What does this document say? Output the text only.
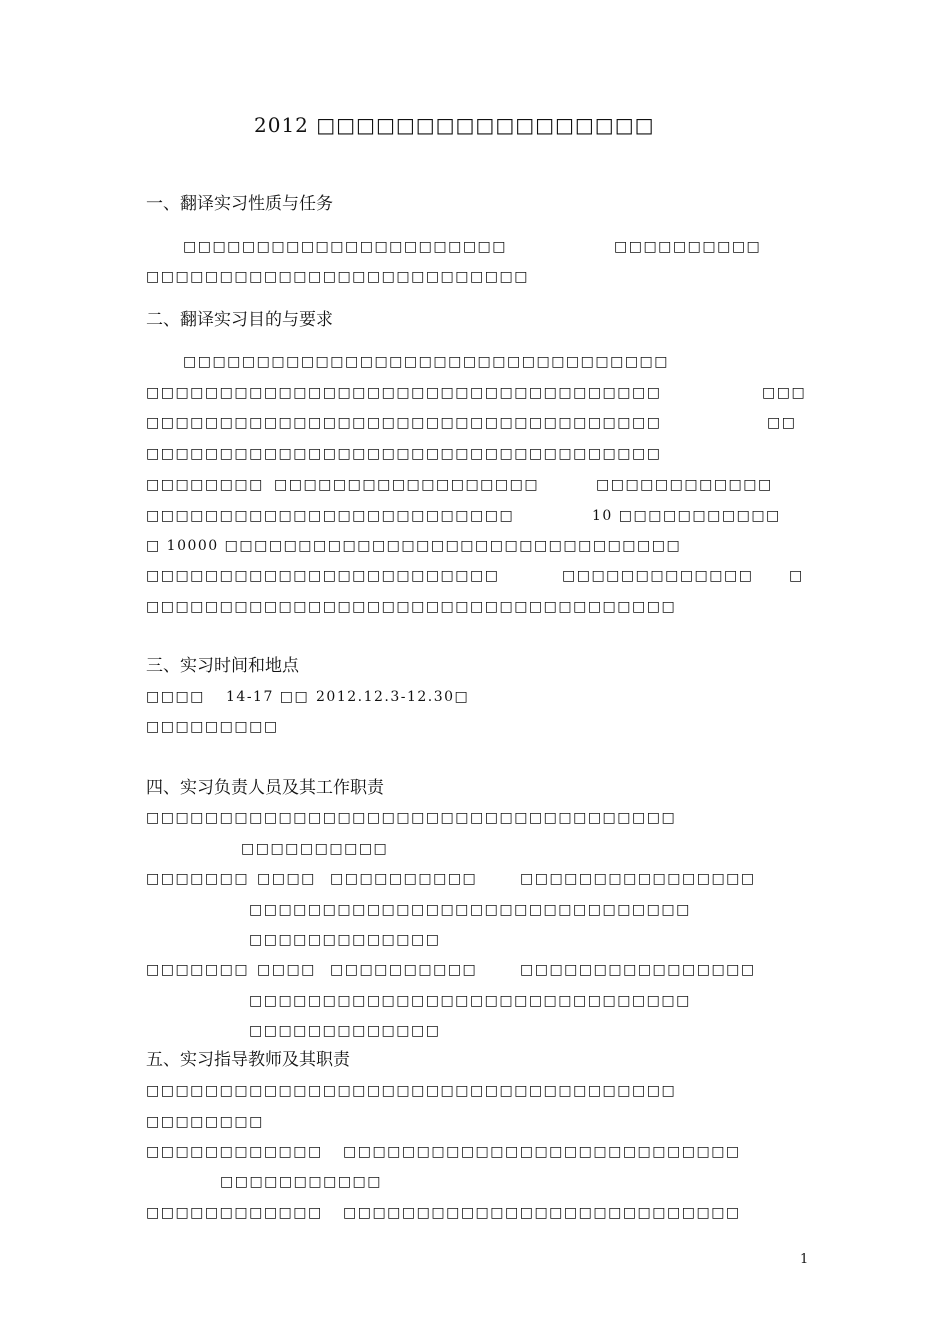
2012 □□□□□□□□□□□□□□□□□
一、翻译实习性质与任务
□□□□□□□□□□□□□□□□□□□□□□	□□□□□□□□□□
□□□□□□□□□□□□□□□□□□□□□□□□□□
二、翻译实习目的与要求
□□□□□□□□□□□□□□□□□□□□□□□□□□□□□□□□□
□□□□□□□□□□□□□□□□□□□□□□□□□□□□□□□□□□□	□□□
□□□□□□□□□□□□□□□□□□□□□□□□□□□□□□□□□□□	□□
□□□□□□□□□□□□□□□□□□□□□□□□□□□□□□□□□□□
□□□□□□□□ □□□□□□□□□□□□□□□□□□	□□□□□□□□□□□□
□□□□□□□□□□□□□□□□□□□□□□□□□	10 □□□□□□□□□□□
□ 10000 □□□□□□□□□□□□□□□□□□□□□□□□□□□□□□□
□□□□□□□□□□□□□□□□□□□□□□□□	□□□□□□□□□□□□□	□
□□□□□□□□□□□□□□□□□□□□□□□□□□□□□□□□□□□□
三、实习时间和地点
□□□□ 14-17 □□ 2012.12.3-12.30□
□□□□□□□□□
四、实习负责人员及其工作职责
□□□□□□□□□□□□□□□□□□□□□□□□□□□□□□□□□□□□
□□□□□□□□□□
□□□□□□□ □□□□ □□□□□□□□□□	□□□□□□□□□□□□□□□□
□□□□□□□□□□□□□□□□□□□□□□□□□□□□□□
□□□□□□□□□□□□□
□□□□□□□ □□□□ □□□□□□□□□□	□□□□□□□□□□□□□□□□
□□□□□□□□□□□□□□□□□□□□□□□□□□□□□□
□□□□□□□□□□□□□
五、实习指导教师及其职责
□□□□□□□□□□□□□□□□□□□□□□□□□□□□□□□□□□□□
□□□□□□□□
□□□□□□□□□□□□ □□□□□□□□□□□□□□□□□□□□□□□□□□□
□□□□□□□□□□□
□□□□□□□□□□□□ □□□□□□□□□□□□□□□□□□□□□□□□□□□
1
